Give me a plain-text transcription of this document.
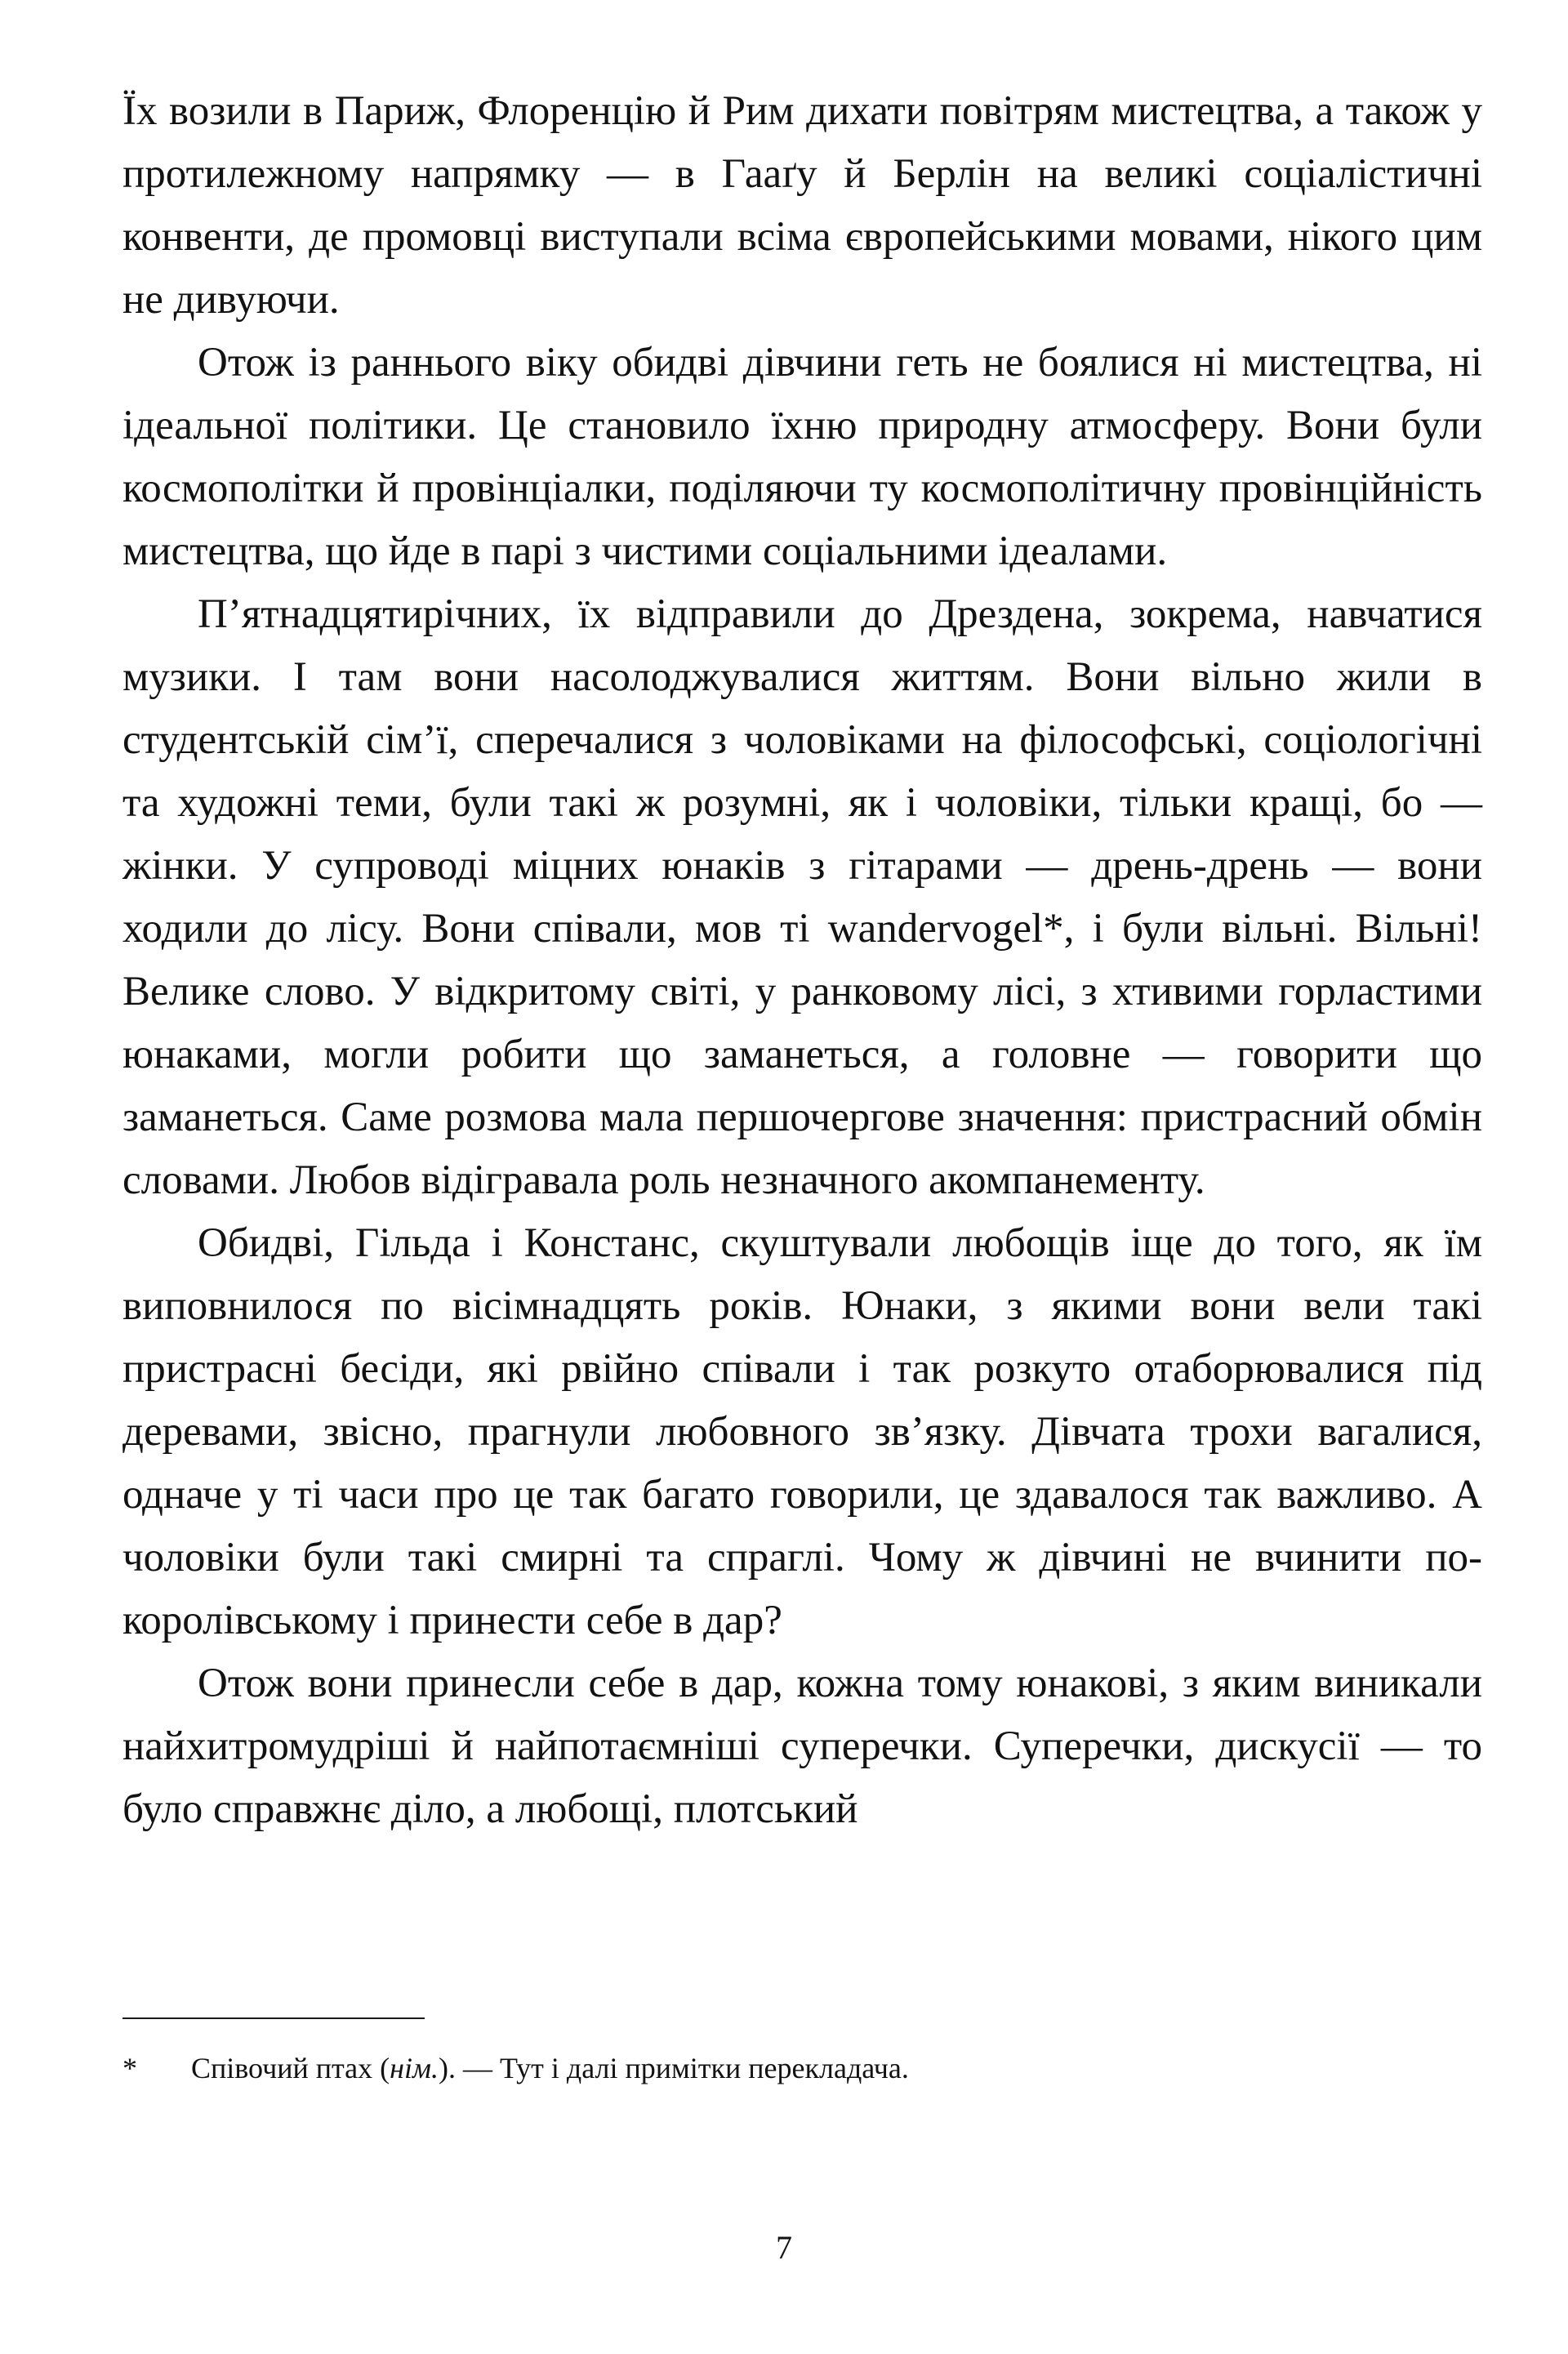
Їх возили в Париж, Флоренцію й Рим дихати повітрям мистецтва, а також у протилежному напрямку — в Гааґу й Берлін на великі соціалістичні конвенти, де промовці виступали всіма європейськими мовами, нікого цим не дивуючи.

Отож із раннього віку обидві дівчини геть не боялися ні мистецтва, ні ідеальної політики. Це становило їхню природну атмосферу. Вони були космополітки й провінціалки, поділяючи ту космополітичну провінційність мистецтва, що йде в парі з чистими соціальними ідеалами.

П’ятнадцятирічних, їх відправили до Дрездена, зокрема, навчатися музики. І там вони насолоджувалися життям. Вони вільно жили в студентській сім’ї, сперечалися з чоловіками на філософські, соціологічні та художні теми, були такі ж розумні, як і чоловіки, тільки кращі, бо — жінки. У супроводі міцних юнаків з гітарами — дрень-дрень — вони ходили до лісу. Вони співали, мов ті wandervogel*, і були вільні. Вільні! Велике слово. У відкритому світі, у ранковому лісі, з хтивими горластими юнаками, могли робити що заманеться, а головне — говорити що заманеться. Саме розмова мала першочергове значення: пристрасний обмін словами. Любов відігравала роль незначного акомпанементу.

Обидві, Гільда і Констанс, скуштували любощів іще до того, як їм виповнилося по вісімнадцять років. Юнаки, з якими вони вели такі пристрасні бесіди, які рвійно співали і так розкуто отаборювалися під деревами, звісно, прагнули любовного зв’язку. Дівчата трохи вагалися, одначе у ті часи про це так багато говорили, це здавалося так важливо. А чоловіки були такі смирні та спраглі. Чому ж дівчині не вчинити по-королівському і принести себе в дар?

Отож вони принесли себе в дар, кожна тому юнакові, з яким виникали найхитромудріші й найпотаємніші суперечки. Суперечки, дискусії — то було справжнє діло, а любощі, плотський

*	Співочий птах (нім.). — Тут і далі примітки перекладача.
7
